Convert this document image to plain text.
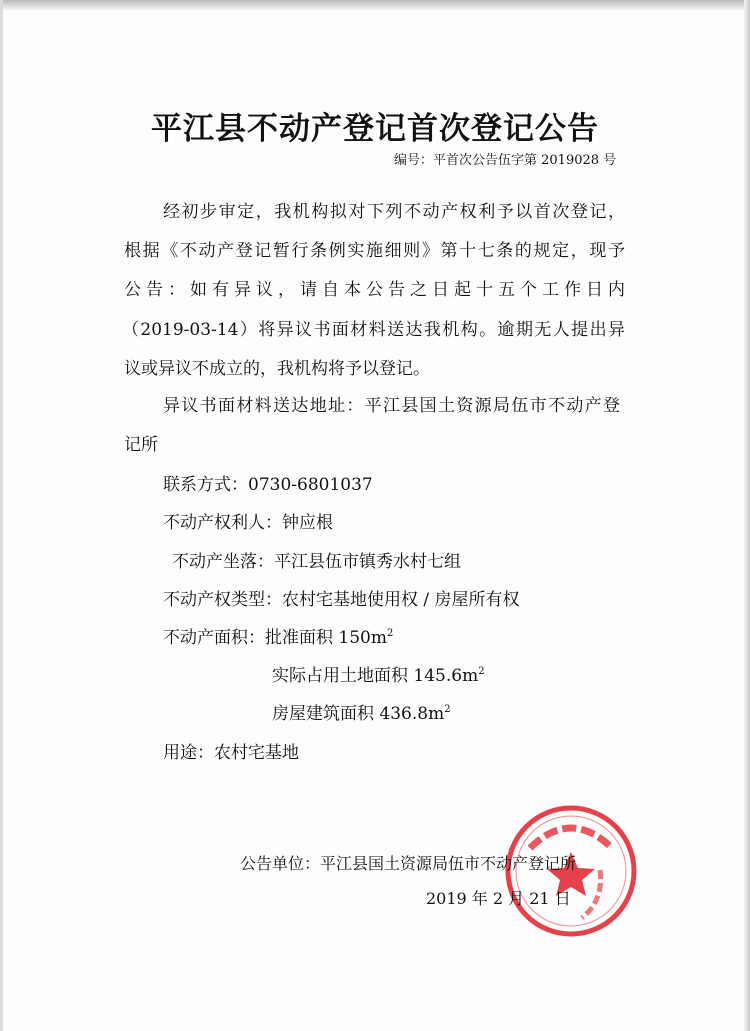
平江县不动产登记首次登记公告
编号：平首次公告伍字第 2019028 号
经初步审定，我机构拟对下列不动产权利予以首次登记，
根据《不动产登记暂行条例实施细则》第十七条的规定，现予
公告：如有异议，请自本公告之日起十五个工作日内
（2019-03-14）将异议书面材料送达我机构。逾期无人提出异
议或异议不成立的，我机构将予以登记。
异议书面材料送达地址：平江县国土资源局伍市不动产登
记所
联系方式：0730-6801037
不动产权利人：钟应根
不动产坐落：平江县伍市镇秀水村七组
不动产权类型：农村宅基地使用权 / 房屋所有权
不动产面积：批准面积 $150m^2$
实际占用土地面积 $145.6m^2$
房屋建筑面积 $436.8m^2$
用途：农村宅基地
公告单位：平江县国土资源局伍市不动产登记所
2019 年 2 月 21 日
